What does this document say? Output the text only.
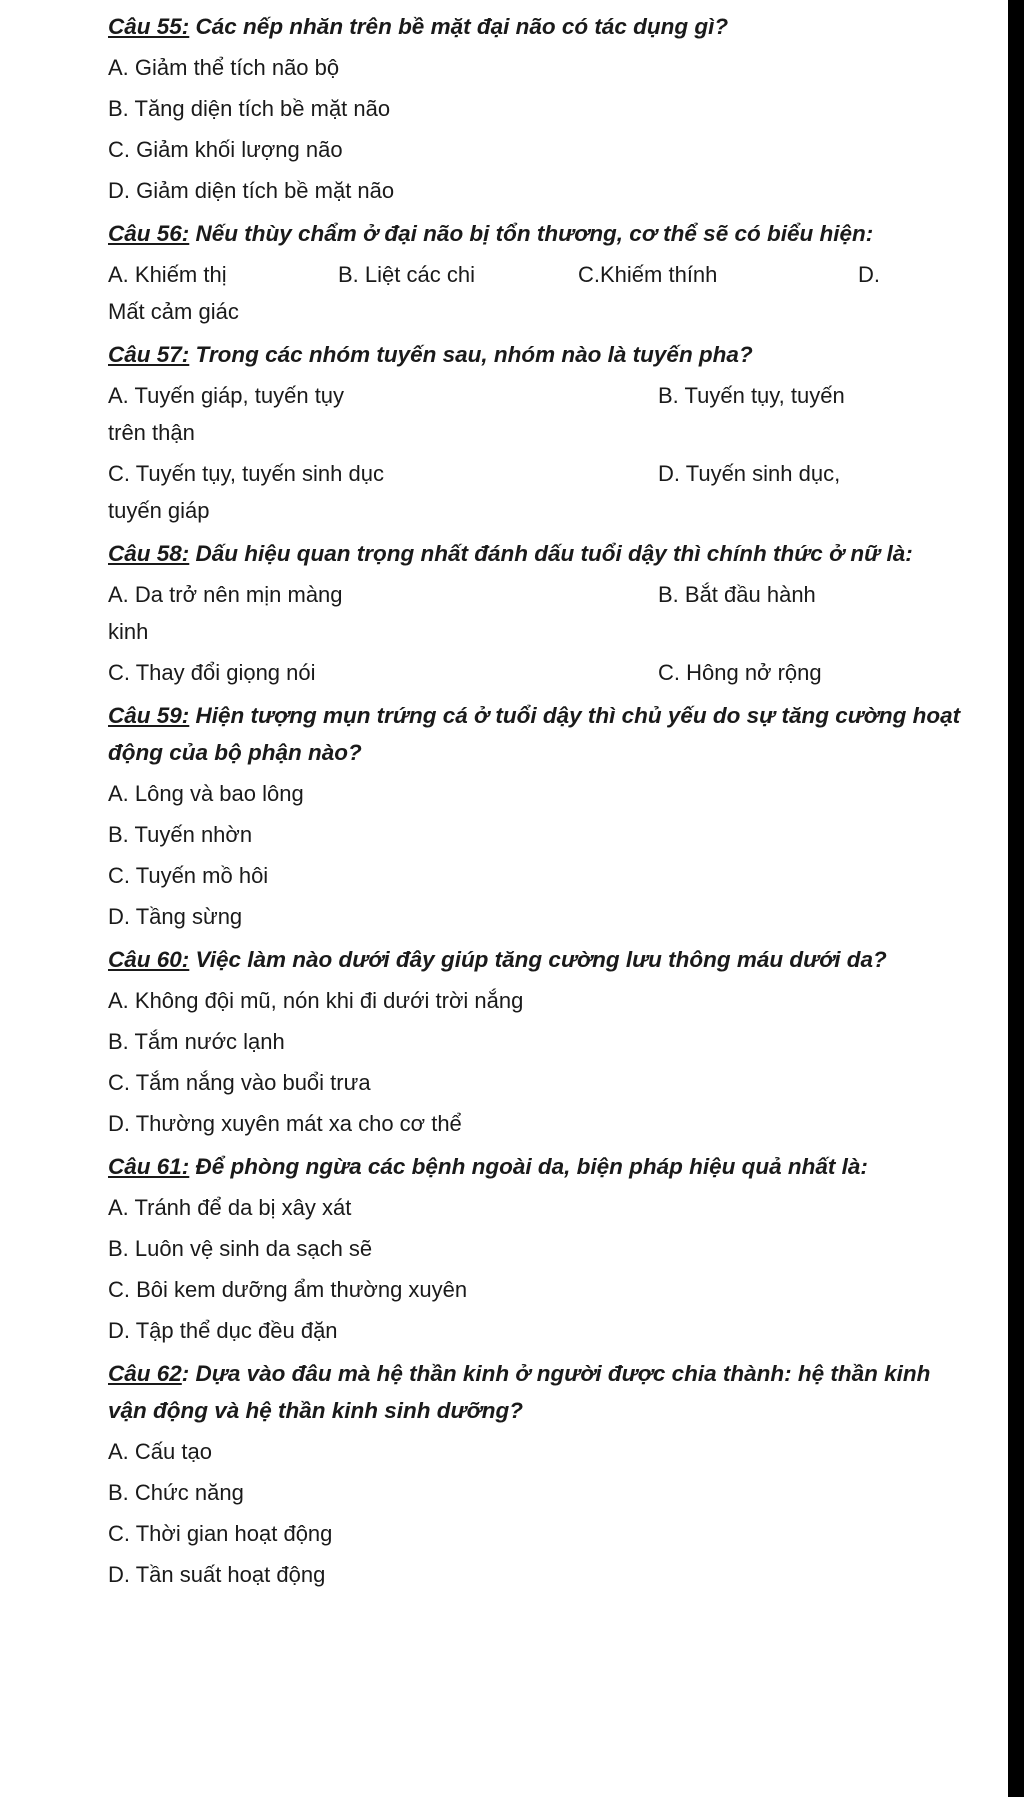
Câu 55: Các nếp nhăn trên bề mặt đại não có tác dụng gì?
A. Giảm thể tích não bộ
B. Tăng diện tích bề mặt não
C. Giảm khối lượng não
D. Giảm diện tích bề mặt não
Câu 56: Nếu thùy chẩm ở đại não bị tổn thương, cơ thể sẽ có biểu hiện:
A. Khiếm thị	B. Liệt các chi	C.Khiếm thính	D.
Mất cảm giác
Câu 57: Trong các nhóm tuyến sau, nhóm nào là tuyến pha?
A. Tuyến giáp, tuyến tụy	B. Tuyến tụy, tuyến
trên thận
C. Tuyến tụy, tuyến sinh dục	D. Tuyến sinh dục,
tuyến giáp
Câu 58: Dấu hiệu quan trọng nhất đánh dấu tuổi dậy thì chính thức ở nữ là:
A. Da trở nên mịn màng	B. Bắt đầu hành
kinh
C. Thay đổi giọng nói	C. Hông nở rộng
Câu 59: Hiện tượng mụn trứng cá ở tuổi dậy thì chủ yếu do sự tăng cường hoạt động của bộ phận nào?
A. Lông và bao lông
B. Tuyến nhờn
C. Tuyến mồ hôi
D. Tầng sừng
Câu 60: Việc làm nào dưới đây giúp tăng cường lưu thông máu dưới da?
A. Không đội mũ, nón khi đi dưới trời nắng
B. Tắm nước lạnh
C. Tắm nắng vào buổi trưa
D. Thường xuyên mát xa cho cơ thể
Câu 61: Để phòng ngừa các bệnh ngoài da, biện pháp hiệu quả nhất là:
A. Tránh để da bị xây xát
B. Luôn vệ sinh da sạch sẽ
C. Bôi kem dưỡng ẩm thường xuyên
D. Tập thể dục đều đặn
Câu 62: Dựa vào đâu mà hệ thần kinh ở người được chia thành: hệ thần kinh vận động và hệ thần kinh sinh dưỡng?
A. Cấu tạo
B. Chức năng
C. Thời gian hoạt động
D. Tần suất hoạt động
